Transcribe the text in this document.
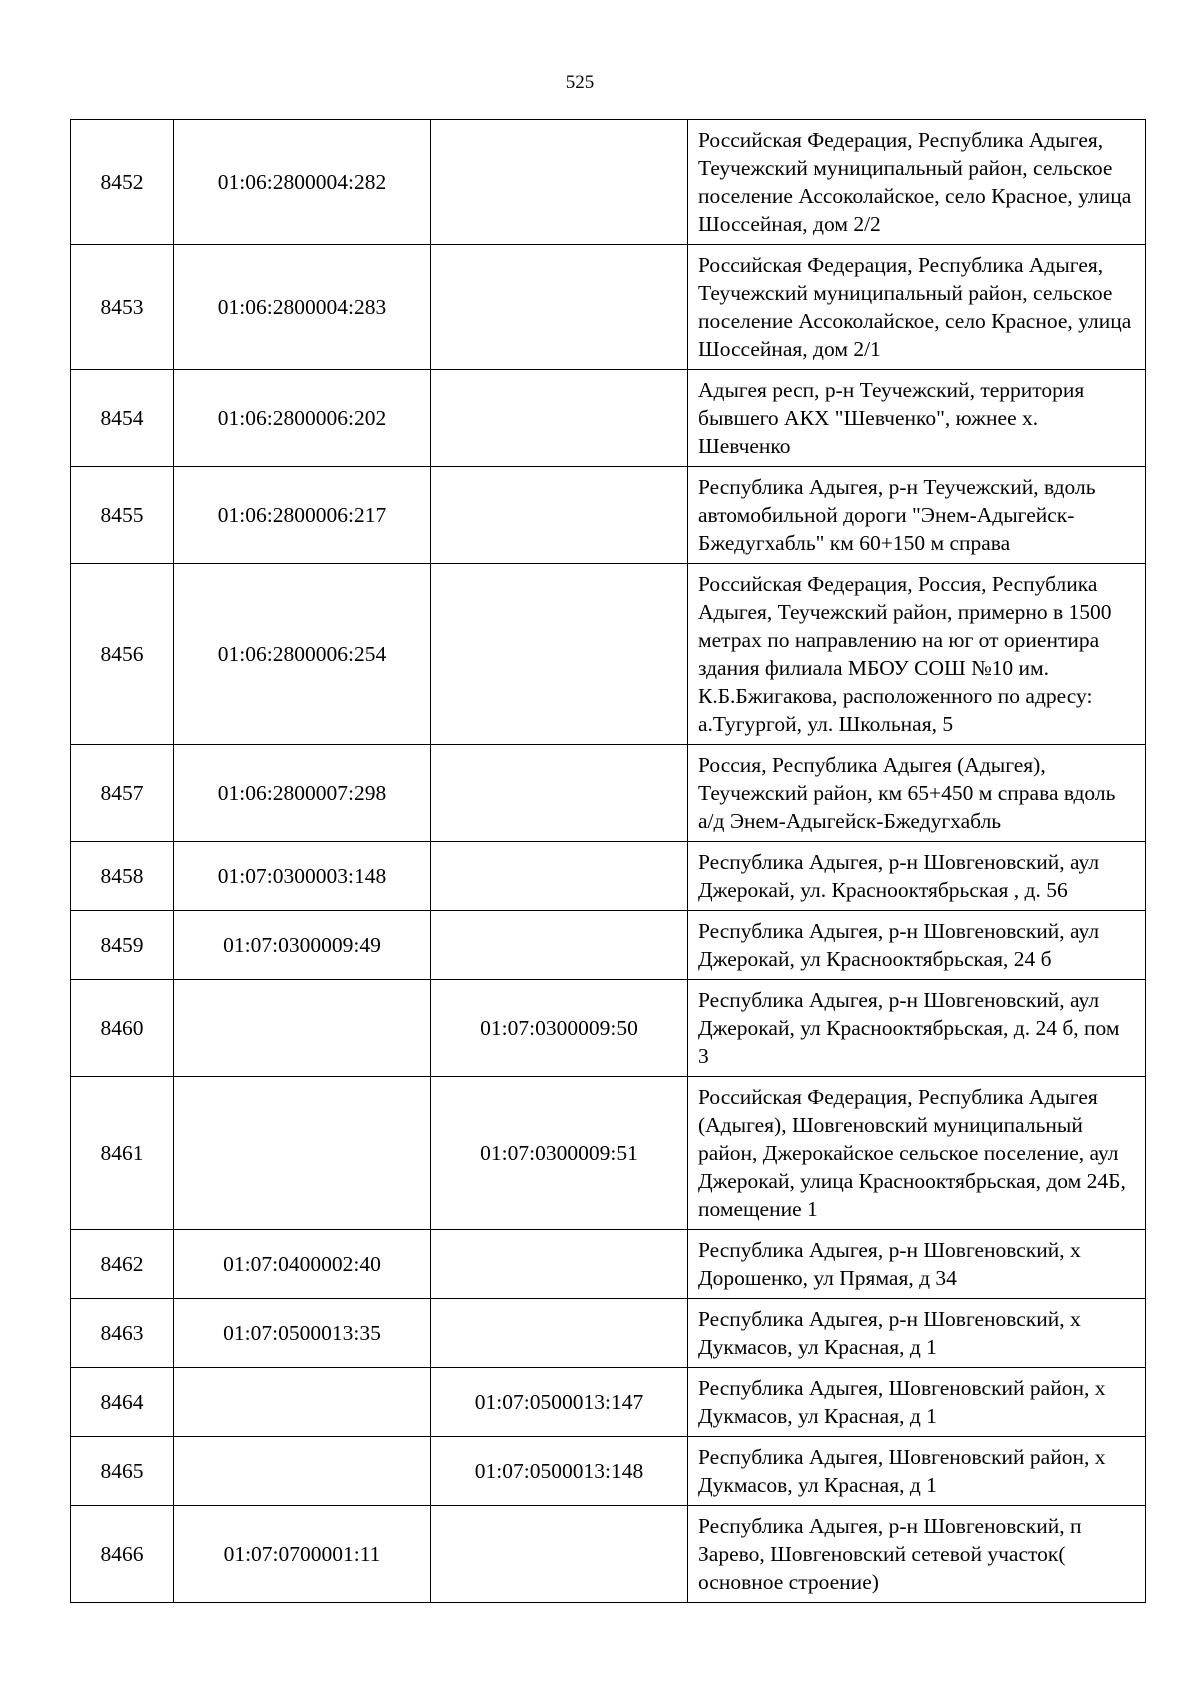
525
8452	01:06:2800004:282		Российская Федерация, Республика Адыгея, Теучежский муниципальный район, сельское поселение Ассоколайское, село Красное, улица Шоссейная, дом 2/2
8453	01:06:2800004:283		Российская Федерация, Республика Адыгея, Теучежский муниципальный район, сельское поселение Ассоколайское, село Красное, улица Шоссейная, дом 2/1
8454	01:06:2800006:202		Адыгея респ, р-н Теучежский, территория бывшего АКХ "Шевченко", южнее х. Шевченко
8455	01:06:2800006:217		Республика Адыгея, р-н Теучежский, вдоль автомобильной дороги "Энем-Адыгейск-Бжедугхабль" км 60+150 м справа
8456	01:06:2800006:254		Российская Федерация, Россия, Республика Адыгея, Теучежский район, примерно в 1500 метрах по направлению на юг от ориентира здания филиала МБОУ СОШ №10 им. К.Б.Бжигакова, расположенного по адресу: а.Тугургой, ул. Школьная, 5
8457	01:06:2800007:298		Россия, Республика Адыгея (Адыгея), Теучежский район, км 65+450 м справа вдоль а/д Энем-Адыгейск-Бжедугхабль
8458	01:07:0300003:148		Республика Адыгея, р-н Шовгеновский, аул Джерокай, ул. Краснооктябрьская , д. 56
8459	01:07:0300009:49		Республика Адыгея, р-н Шовгеновский, аул Джерокай, ул Краснооктябрьская, 24 б
8460		01:07:0300009:50	Республика Адыгея, р-н Шовгеновский, аул Джерокай, ул Краснооктябрьская, д. 24 б, пом 3
8461		01:07:0300009:51	Российская Федерация, Республика Адыгея (Адыгея), Шовгеновский муниципальный район, Джерокайское сельское поселение, аул Джерокай, улица Краснооктябрьская, дом 24Б, помещение 1
8462	01:07:0400002:40		Республика Адыгея, р-н Шовгеновский, х Дорошенко, ул Прямая, д 34
8463	01:07:0500013:35		Республика Адыгея, р-н Шовгеновский, х Дукмасов, ул Красная, д 1
8464		01:07:0500013:147	Республика Адыгея, Шовгеновский район, х Дукмасов, ул Красная, д 1
8465		01:07:0500013:148	Республика Адыгея, Шовгеновский район, х Дукмасов, ул Красная, д 1
8466	01:07:0700001:11		Республика Адыгея, р-н Шовгеновский, п Зарево, Шовгеновский сетевой участок( основное строение)
